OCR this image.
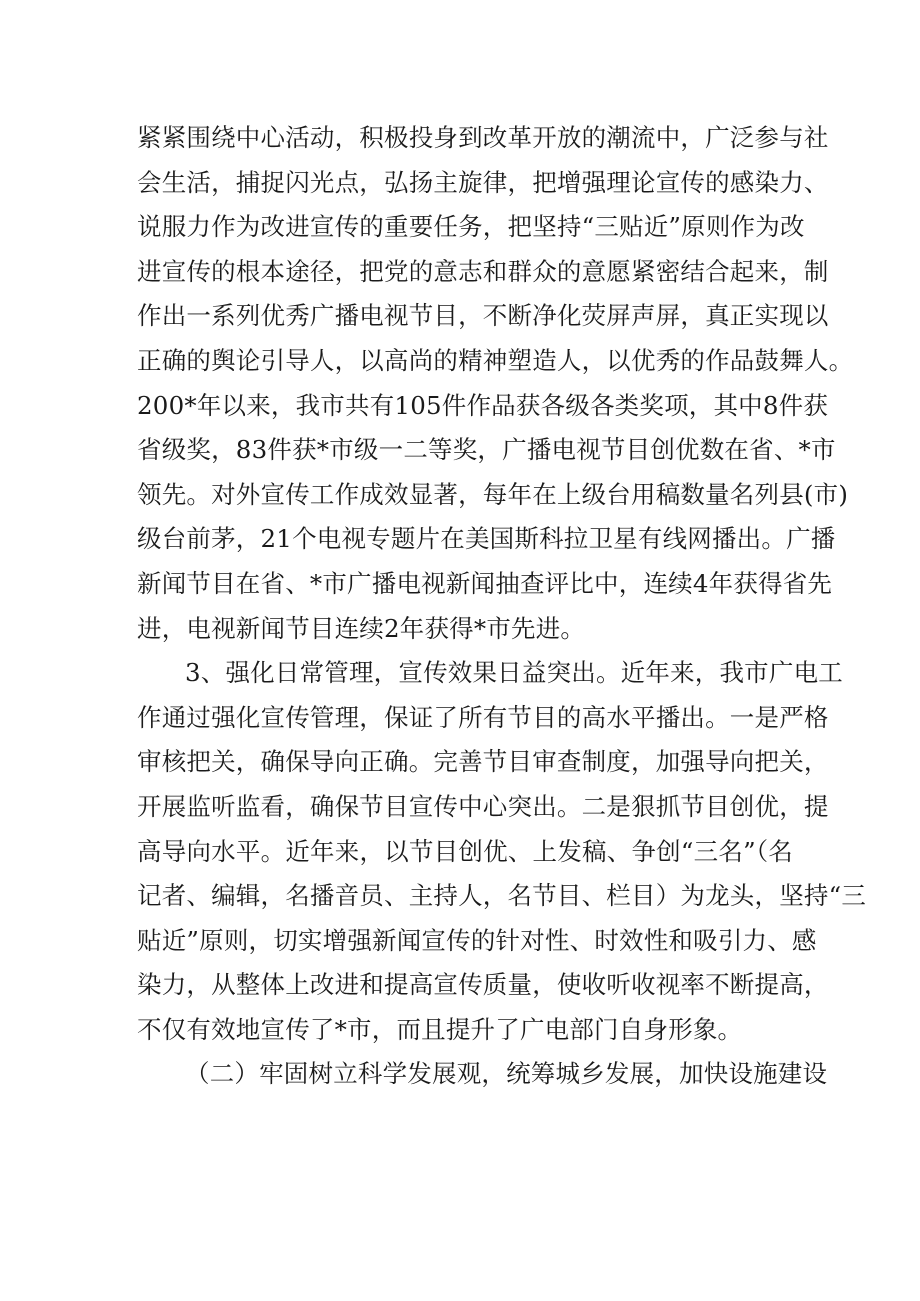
紧紧围绕中心活动，积极投身到改革开放的潮流中，广泛参与社
会生活，捕捉闪光点，弘扬主旋律，把增强理论宣传的感染力、
说服力作为改进宣传的重要任务，把坚持“三贴近”原则作为改
进宣传的根本途径，把党的意志和群众的意愿紧密结合起来，制
作出一系列优秀广播电视节目，不断净化荧屏声屏，真正实现以
正确的舆论引导人，以高尚的精神塑造人，以优秀的作品鼓舞人。
200*年以来，我市共有105件作品获各级各类奖项，其中8件获
省级奖，83件获*市级一二等奖，广播电视节目创优数在省、*市
领先。对外宣传工作成效显著，每年在上级台用稿数量名列县(市)
级台前茅，21个电视专题片在美国斯科拉卫星有线网播出。广播
新闻节目在省、*市广播电视新闻抽查评比中，连续4年获得省先
进，电视新闻节目连续2年获得*市先进。
3、强化日常管理，宣传效果日益突出。近年来，我市广电工
作通过强化宣传管理，保证了所有节目的高水平播出。一是严格
审核把关，确保导向正确。完善节目审查制度，加强导向把关，
开展监听监看，确保节目宣传中心突出。二是狠抓节目创优，提
高导向水平。近年来，以节目创优、上发稿、争创“三名”（名
记者、编辑，名播音员、主持人，名节目、栏目）为龙头，坚持“三
贴近”原则，切实增强新闻宣传的针对性、时效性和吸引力、感
染力，从整体上改进和提高宣传质量，使收听收视率不断提高，
不仅有效地宣传了*市，而且提升了广电部门自身形象。
（二）牢固树立科学发展观，统筹城乡发展，加快设施建设
